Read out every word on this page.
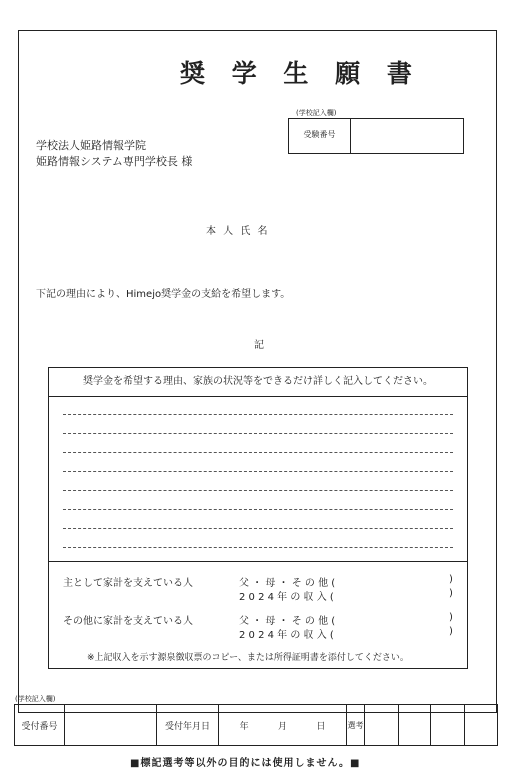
奨 学 生 願 書
(学校記入欄)
受験番号
学校法人姫路情報学院
姫路情報システム専門学校長 様
本 人 氏 名
下記の理由により、Himejo奨学金の支給を希望します。
記
奨学金を希望する理由、家族の状況等をできるだけ詳しく記入してください。
主として家計を支えている人	父 ・ 母 ・ そ の 他 (	)
2 0 2 4 年 の 収 入 (	)
その他に家計を支えている人	父 ・ 母 ・ そ の 他 (	)
2 0 2 4 年 の 収 入 (	)
※上記収入を示す源泉徴収票のコピー、または所得証明書を添付してください。
(学校記入欄)
受付番号	受付年月日	年	月	日	選考
■標記選考等以外の目的には使用しません。■
